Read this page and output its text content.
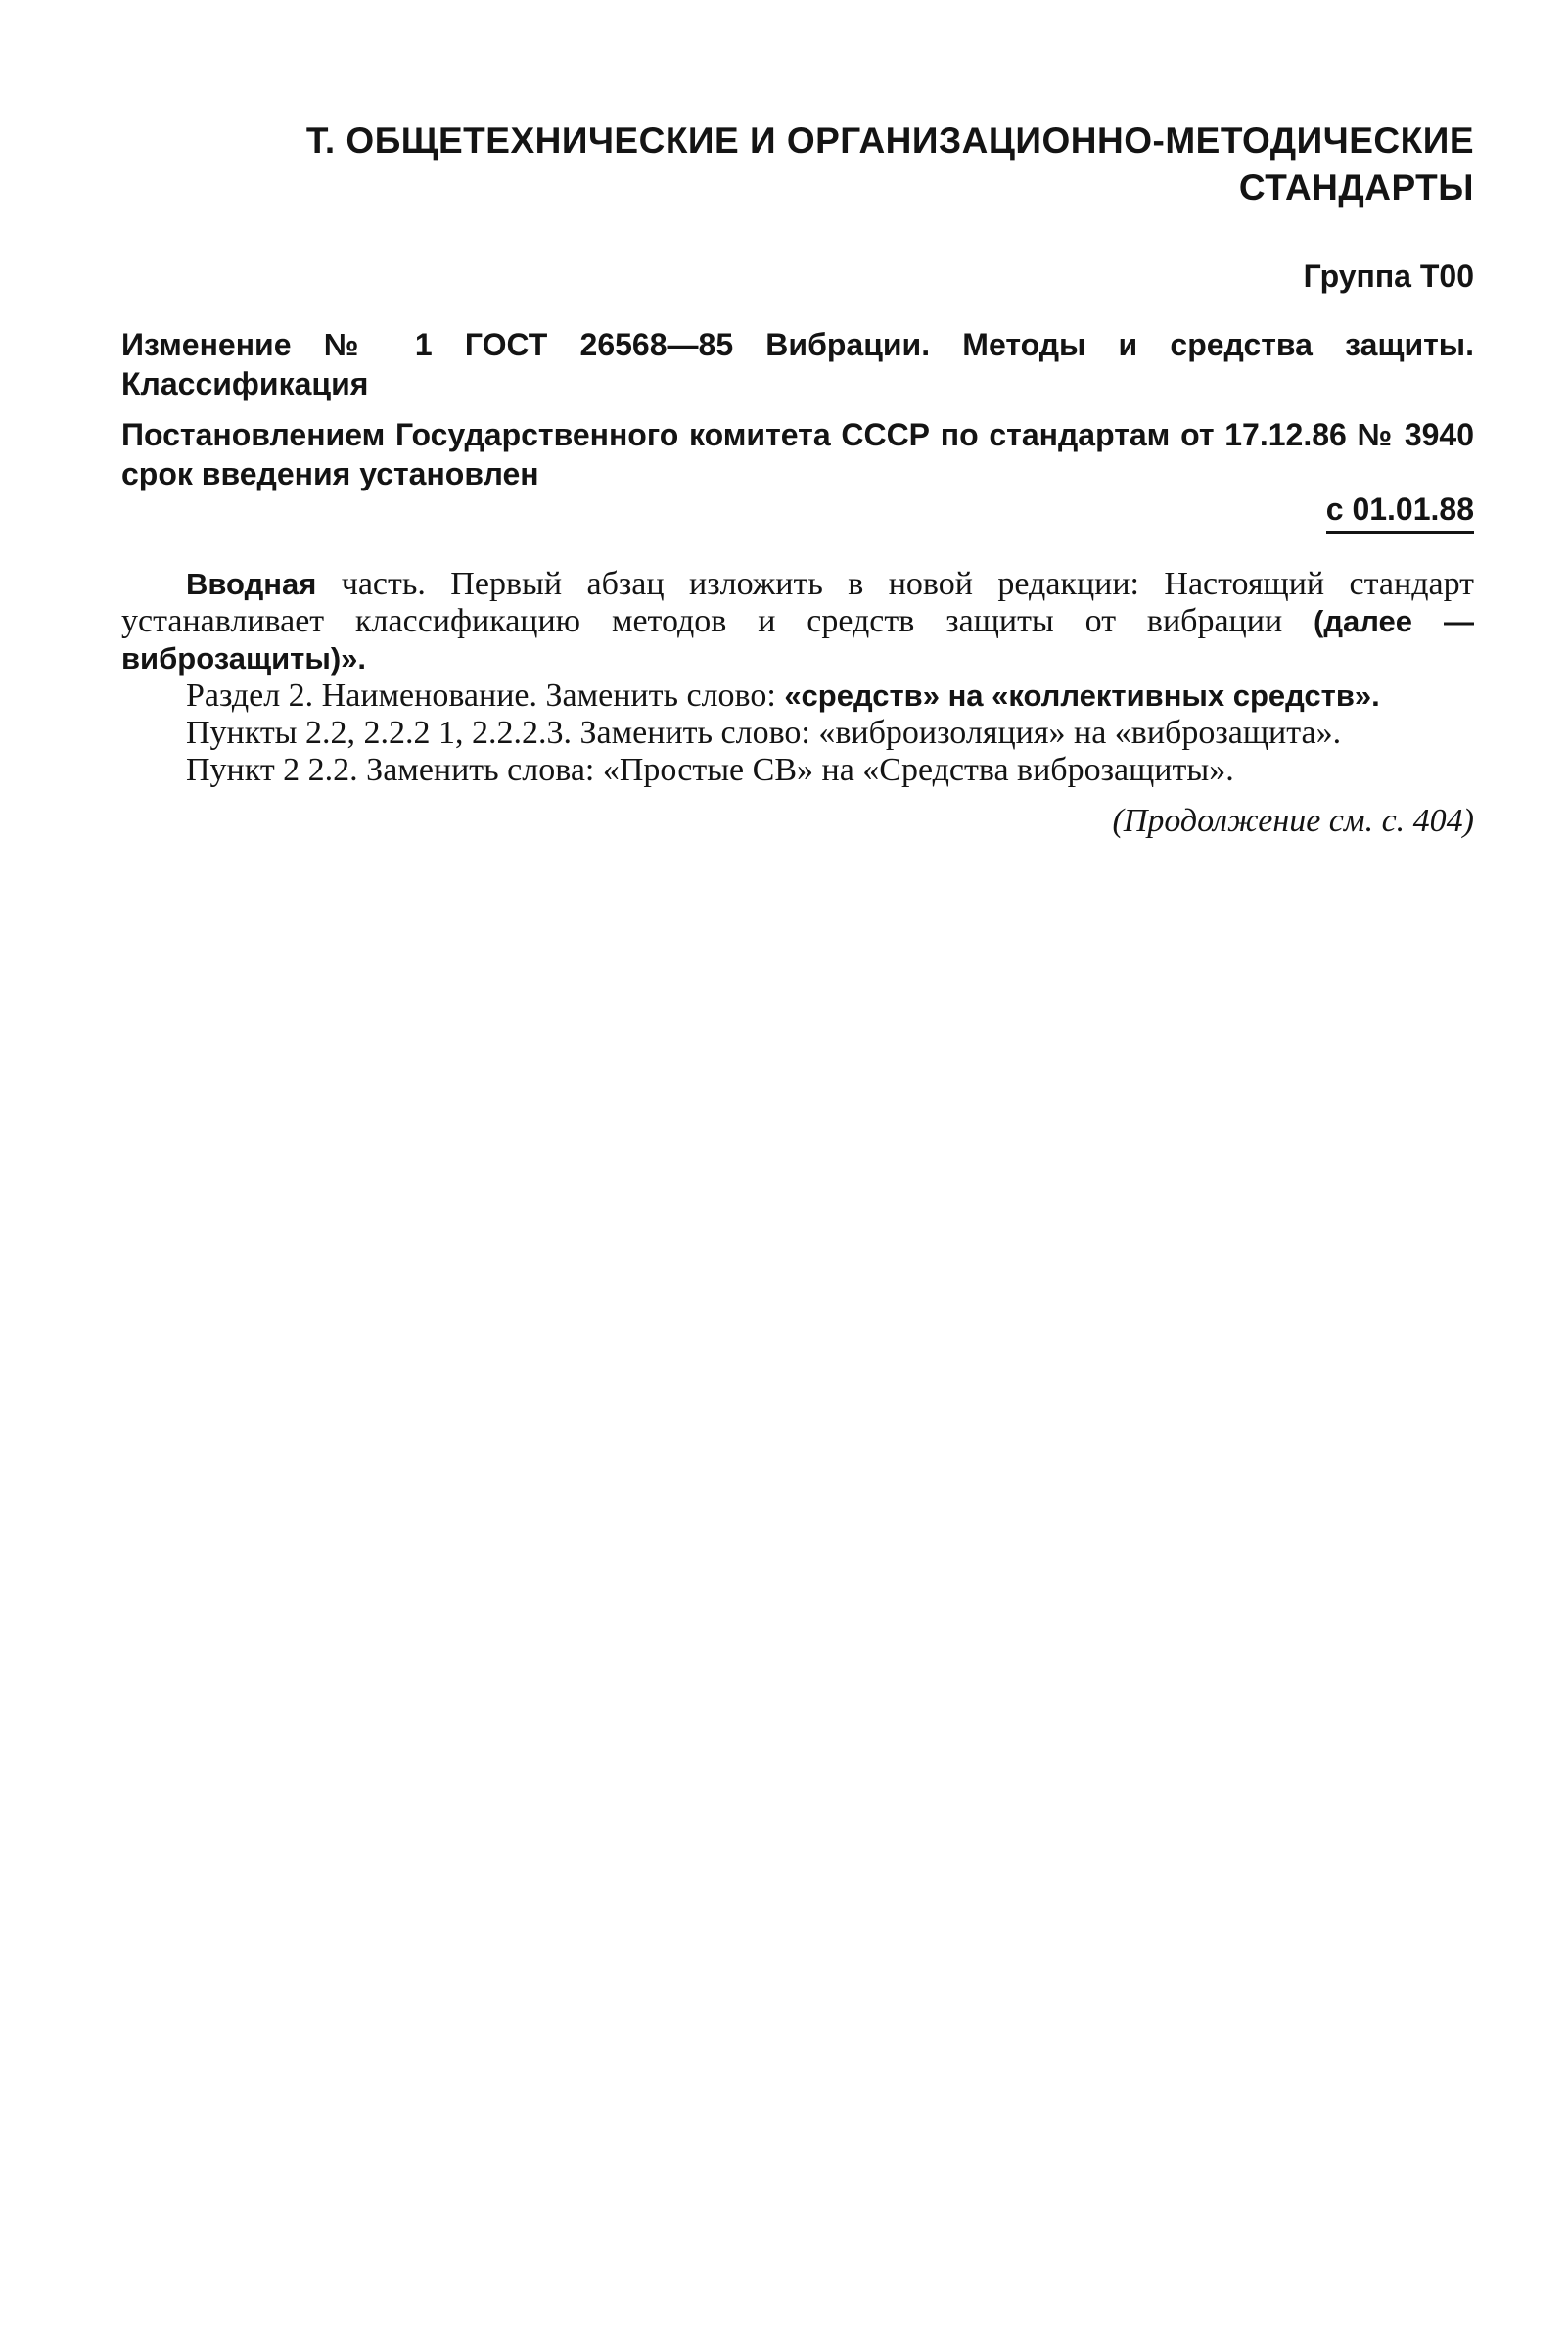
Т. ОБЩЕТЕХНИЧЕСКИЕ И ОРГАНИЗАЦИОННО-МЕТОДИЧЕСКИЕ
СТАНДАРТЫ
Группа Т00
Изменение № 1 ГОСТ 26568—85 Вибрации. Методы и средства защиты. Классификация
Постановлением Государственного комитета СССР по стандартам от 17.12.86 № 3940 срок введения установлен
с 01.01.88

Вводная часть. Первый абзац изложить в новой редакции: Настоящий стандарт устанавливает классификацию методов и средств защиты от вибрации (далее — виброзащиты)».

Раздел 2. Наименование. Заменить слово: «средств» на «коллективных средств».

Пункты 2.2, 2.2.2 1, 2.2.2.3. Заменить слово: «виброизоляция» на «виброзащита».

Пункт 2 2.2. Заменить слова: «Простые СВ» на «Средства виброзащиты».

(Продолжение см. с. 404)
